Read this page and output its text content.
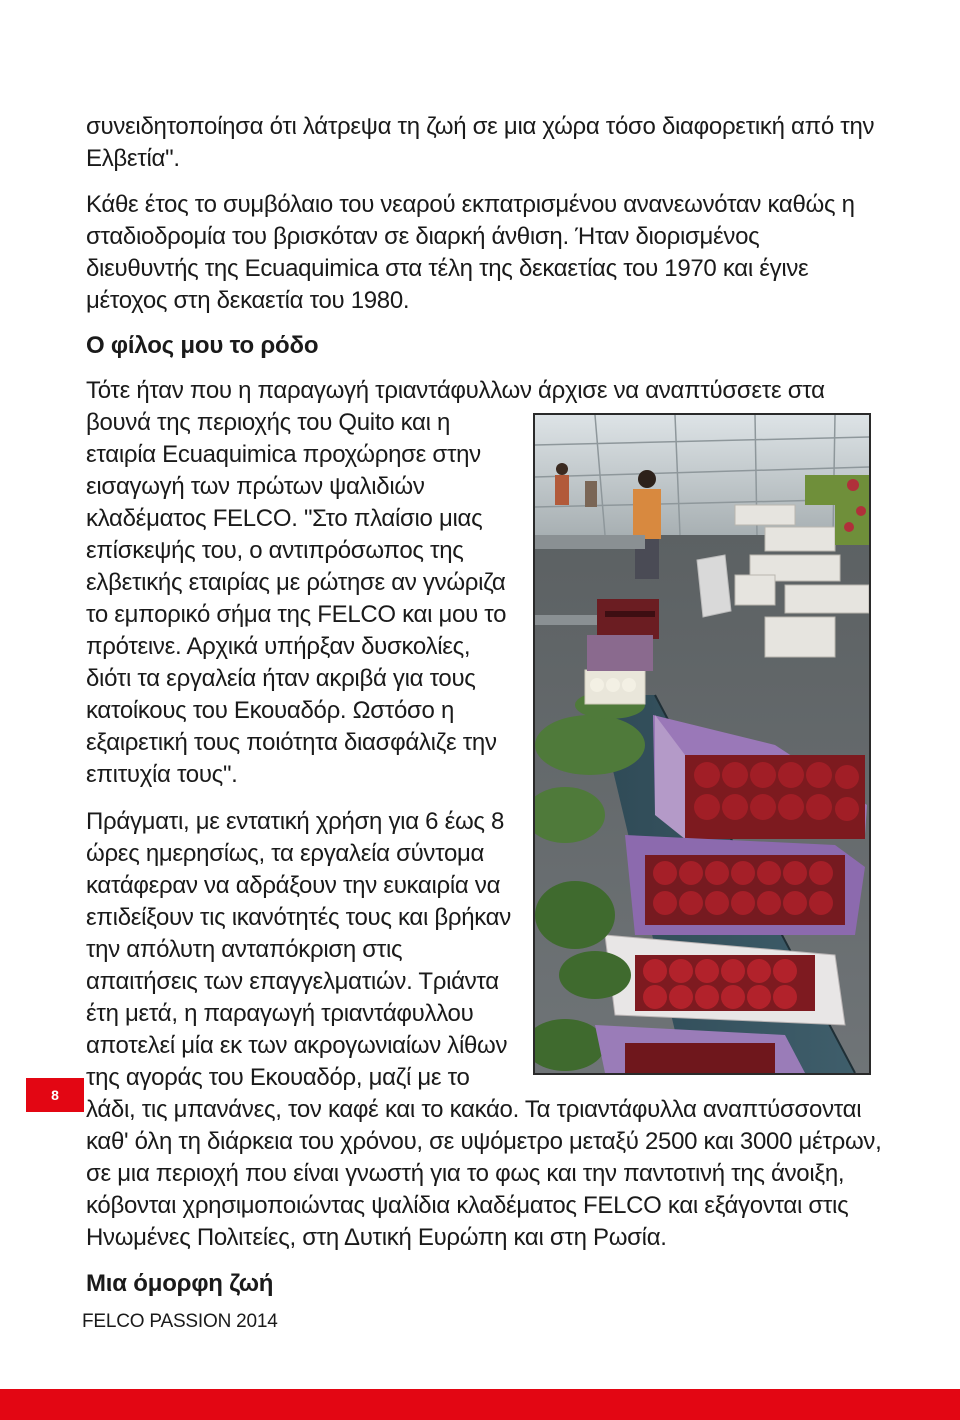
συνειδητοποίησα ότι λάτρεψα τη ζωή σε μια χώρα τόσο διαφορετική από την
Ελβετία".
Κάθε έτος το συμβόλαιο του νεαρού εκπατρισμένου ανανεωνόταν καθώς η
σταδιοδρομία του βρισκόταν σε διαρκή άνθιση. Ήταν διορισμένος
διευθυντής της Ecuaquimica στα τέλη της δεκαετίας του 1970 και έγινε
μέτοχος στη δεκαετία του 1980.
Ο φίλος μου το ρόδο
Τότε ήταν που η παραγωγή τριαντάφυλλων άρχισε να αναπτύσσετε στα
βουνά της περιοχής του Quito και η
εταιρία Ecuaquimica προχώρησε στην
εισαγωγή των πρώτων ψαλιδιών
κλαδέματος FELCO. "Στο πλαίσιο μιας
επίσκεψής του, ο αντιπρόσωπος της
ελβετικής εταιρίας με ρώτησε αν γνώριζα
το εμπορικό σήμα της FELCO και μου το
πρότεινε. Αρχικά υπήρξαν δυσκολίες,
διότι τα εργαλεία ήταν ακριβά για τους
κατοίκους του Εκουαδόρ. Ωστόσο η
εξαιρετική τους ποιότητα διασφάλιζε την
επιτυχία τους".
Πράγματι, με εντατική χρήση για 6 έως 8
ώρες ημερησίως, τα εργαλεία σύντομα
κατάφεραν να αδράξουν την ευκαιρία να
επιδείξουν τις ικανότητές τους και βρήκαν
την απόλυτη ανταπόκριση στις
απαιτήσεις των επαγγελματιών. Τριάντα
έτη μετά, η παραγωγή τριαντάφυλλου
αποτελεί μία εκ των ακρογωνιαίων λίθων
της αγοράς του Εκουαδόρ, μαζί με το
λάδι, τις μπανάνες, τον καφέ και το κακάο. Τα τριαντάφυλλα αναπτύσσονται
καθ' όλη τη διάρκεια του χρόνου, σε υψόμετρο μεταξύ 2500 και 3000 μέτρων,
σε μια περιοχή που είναι γνωστή για το φως και την παντοτινή της άνοιξη,
κόβονται χρησιμοποιώντας ψαλίδια κλαδέματος FELCO και εξάγονται στις
Ηνωμένες Πολιτείες, στη Δυτική Ευρώπη και στη Ρωσία.
Μια όμορφη ζωή
8
FELCO PASSION 2014
